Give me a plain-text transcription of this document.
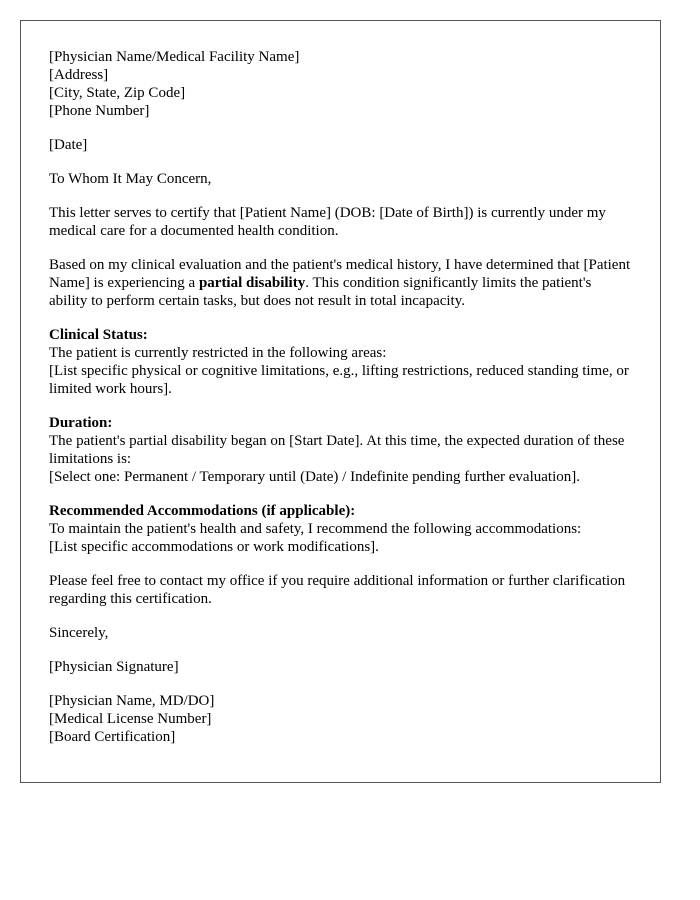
[Physician Name/Medical Facility Name]
[Address]
[City, State, Zip Code]
[Phone Number]
[Date]
To Whom It May Concern,
This letter serves to certify that [Patient Name] (DOB: [Date of Birth]) is currently under my medical care for a documented health condition.
Based on my clinical evaluation and the patient's medical history, I have determined that [Patient Name] is experiencing a partial disability. This condition significantly limits the patient's ability to perform certain tasks, but does not result in total incapacity.
Clinical Status:
The patient is currently restricted in the following areas:
[List specific physical or cognitive limitations, e.g., lifting restrictions, reduced standing time, or limited work hours].
Duration:
The patient's partial disability began on [Start Date]. At this time, the expected duration of these limitations is:
[Select one: Permanent / Temporary until (Date) / Indefinite pending further evaluation].
Recommended Accommodations (if applicable):
To maintain the patient's health and safety, I recommend the following accommodations:
[List specific accommodations or work modifications].
Please feel free to contact my office if you require additional information or further clarification regarding this certification.
Sincerely,
[Physician Signature]
[Physician Name, MD/DO]
[Medical License Number]
[Board Certification]
